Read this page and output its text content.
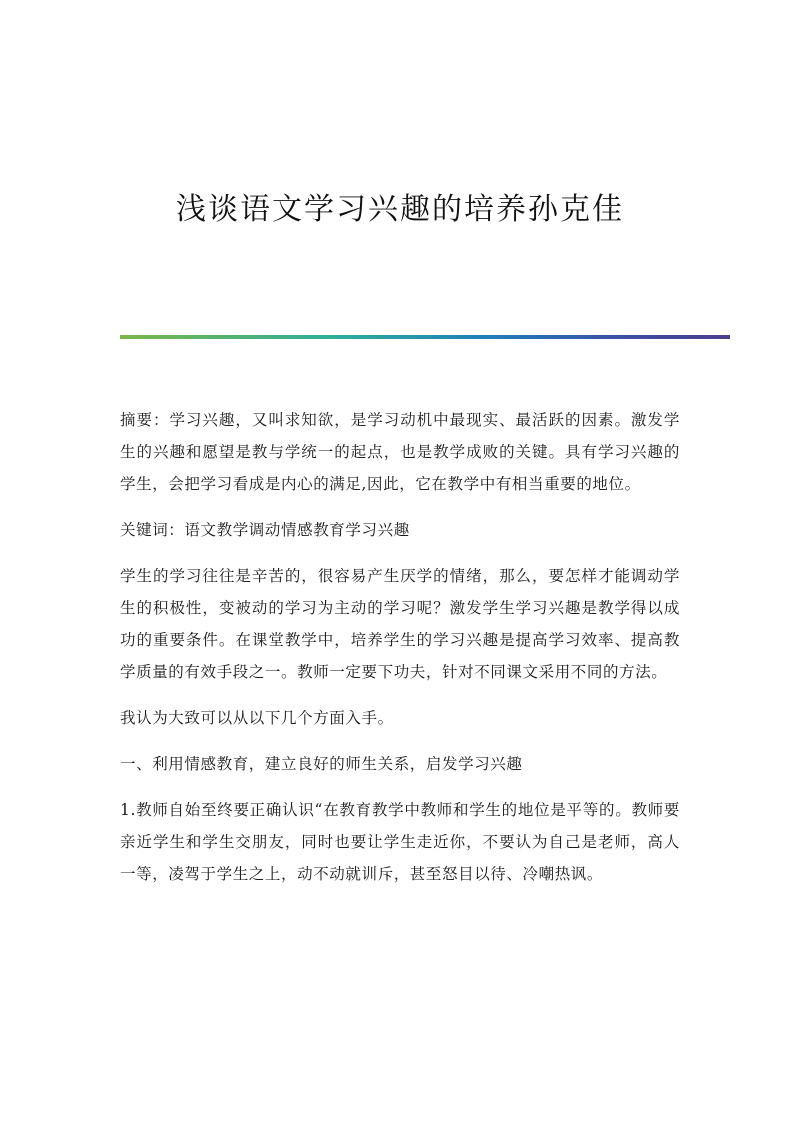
浅谈语文学习兴趣的培养孙克佳

摘要：学习兴趣，又叫求知欲，是学习动机中最现实、最活跃的因素。激发学生的兴趣和愿望是教与学统一的起点，也是教学成败的关键。具有学习兴趣的学生，会把学习看成是内心的满足,因此，它在教学中有相当重要的地位。

关键词：语文教学调动情感教育学习兴趣

学生的学习往往是辛苦的，很容易产生厌学的情绪，那么，要怎样才能调动学生的积极性，变被动的学习为主动的学习呢？激发学生学习兴趣是教学得以成功的重要条件。在课堂教学中，培养学生的学习兴趣是提高学习效率、提高教学质量的有效手段之一。教师一定要下功夫，针对不同课文采用不同的方法。

我认为大致可以从以下几个方面入手。

一、利用情感教育，建立良好的师生关系，启发学习兴趣

1.教师自始至终要正确认识“在教育教学中教师和学生的地位是平等的。教师要亲近学生和学生交朋友，同时也要让学生走近你，不要认为自己是老师，高人一等，凌驾于学生之上，动不动就训斥，甚至怒目以待、冷嘲热讽。
